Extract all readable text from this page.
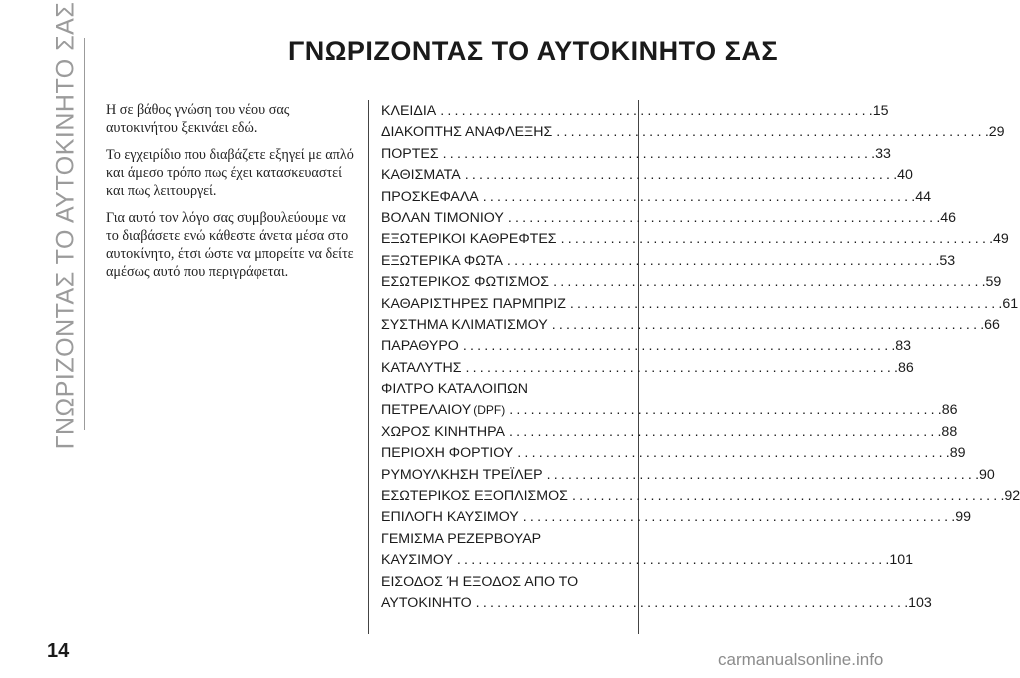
ΓΝΩΡΙΖΟΝΤΑΣ ΤΟ ΑΥΤΟΚΙΝΗΤΟ ΣΑΣ	ΓΝΩΡΙΖΟΝΤΑΣ ΤΟ ΑΥΤΟΚΙΝΗΤΟ ΣΑΣ

Η σε βάθος γνώση του νέου σας αυτοκινήτου ξεκινάει εδώ.

Το εγχειρίδιο που διαβάζετε εξηγεί με απλό και άμεσο τρόπο πως έχει κατασκευαστεί και πως λειτουργεί.

Για αυτό τον λόγο σας συμβουλεύουμε να το διαβάσετε ενώ κάθεστε άνετα μέσα στο αυτοκίνητο, έτσι ώστε να μπορείτε να δείτε αμέσως αυτό που περιγράφεται.

ΚΛΕΙΔΙΑ ............................................................ .15
ΔΙΑΚΟΠΤΗΣ ΑΝΑΦΛΕΞΗΣ ............................................................ .29
ΠΟΡΤΕΣ ............................................................ .33
ΚΑΘΙΣΜΑΤΑ ............................................................ .40
ΠΡΟΣΚΕΦΑΛΑ ............................................................ .44
ΒΟΛΑΝ ΤΙΜΟΝΙΟΥ ............................................................ .46
ΕΞΩΤΕΡΙΚΟΙ ΚΑΘΡΕΦΤΕΣ ............................................................ .49
ΕΞΩΤΕΡΙΚΑ ΦΩΤΑ ............................................................ .53
ΕΣΩΤΕΡΙΚΟΣ ΦΩΤΙΣΜΟΣ ............................................................ .59
ΚΑΘΑΡΙΣΤΗΡΕΣ ΠΑΡΜΠΡΙΖ ............................................................ .61
ΣΥΣΤΗΜΑ ΚΛΙΜΑΤΙΣΜΟΥ ............................................................ .66
ΠΑΡΑΘΥΡΟ ............................................................ .83
ΚΑΤΑΛΥΤΗΣ ............................................................ .86
ΦΙΛΤΡΟ ΚΑΤΑΛΟΙΠΩΝ
ΠΕΤΡΕΛΑΙΟΥ (DPF) ............................................................ .86
ΧΩΡΟΣ ΚΙΝΗΤΗΡΑ ............................................................ .88
ΠΕΡΙΟΧΗ ΦΟΡΤΙΟΥ ............................................................ .89
ΡΥΜΟΥΛΚΗΣΗ ΤΡΕΪΛΕΡ ............................................................ .90
ΕΣΩΤΕΡΙΚΟΣ ΕΞΟΠΛΙΣΜΟΣ ............................................................ .92
ΕΠΙΛΟΓΗ ΚΑΥΣΙΜΟΥ ............................................................ .99
ΓΕΜΙΣΜΑ ΡΕΖΕΡΒΟΥΑΡ
ΚΑΥΣΙΜΟΥ ............................................................ .101
ΕΙΣΟΔΟΣ Ή ΕΞΟΔΟΣ ΑΠΟ ΤΟ
ΑΥΤΟΚΙΝΗΤΟ ............................................................ .103
14	carmanualsonline.info
